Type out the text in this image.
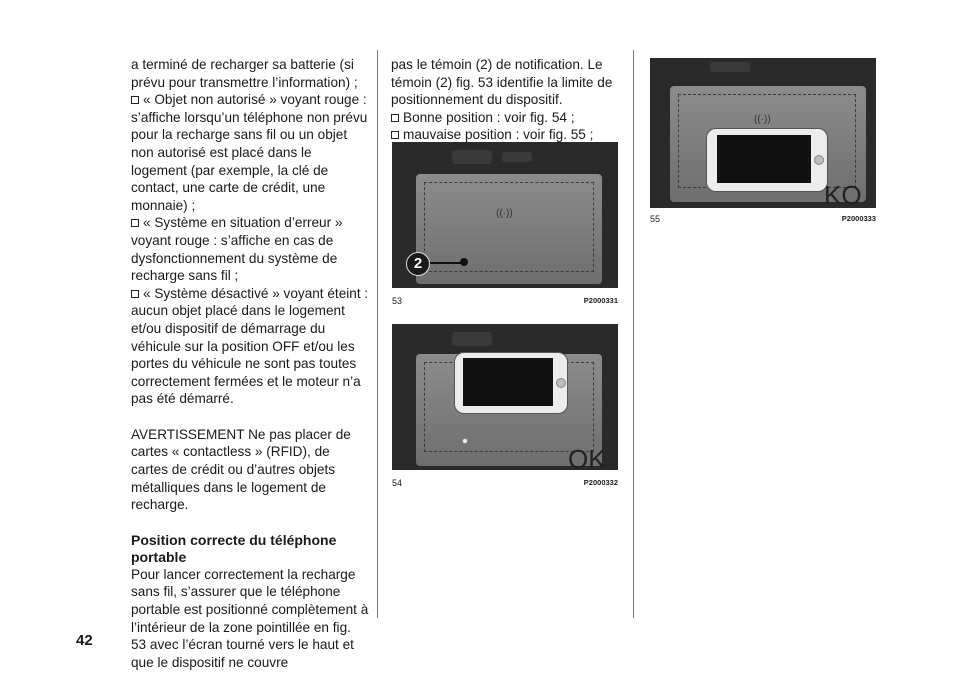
a terminé de recharger sa batterie (si prévu pour transmettre l’information) ;

« Objet non autorisé » voyant rouge : s’affiche lorsqu’un téléphone non prévu pour la recharge sans fil ou un objet non autorisé est placé dans le logement (par exemple, la clé de contact, une carte de crédit, une monnaie) ;

« Système en situation d’erreur » voyant rouge : s’affiche en cas de dysfonctionnement du système de recharge sans fil ;

« Système désactivé » voyant éteint : aucun objet placé dans le logement et/ou dispositif de démarrage du véhicule sur la position OFF et/ou les portes du véhicule ne sont pas toutes correctement fermées et le moteur n’a pas été démarré.

AVERTISSEMENT Ne pas placer de cartes « contactless » (RFID), de cartes de crédit ou d’autres objets métalliques dans le logement de recharge.

Position correcte du téléphone portable

Pour lancer correctement la recharge sans fil, s’assurer que le téléphone portable est positionné complètement à l’intérieur de la zone pointillée en fig. 53 avec l’écran tourné vers le haut et que le dispositif ne couvre

pas le témoin (2) de notification. Le témoin (2) fig. 53 identifie la limite de positionnement du dispositif.

Bonne position : voir fig. 54 ;

mauvaise position : voir fig. 55 ;

((·))
2
53	P2000331
OK
54	P2000332
((·))
KO
55	P2000333
42
